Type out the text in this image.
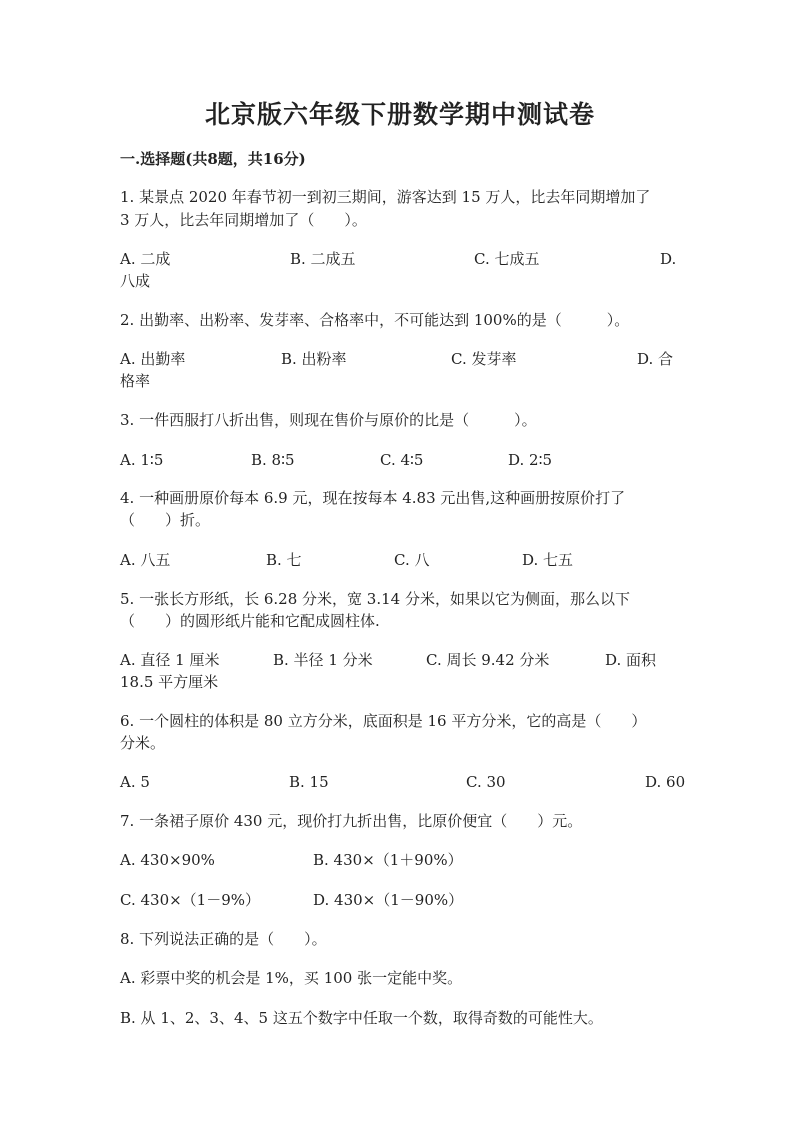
北京版六年级下册数学期中测试卷
一.选择题(共8题，共16分)
1. 某景点 2020 年春节初一到初三期间，游客达到 15 万人，比去年同期增加了
3 万人，比去年同期增加了（　　）。
A. 二成	B. 二成五	C. 七成五	D.
八成
2. 出勤率、出粉率、发芽率、合格率中，不可能达到 100%的是（　　　）。
A. 出勤率	B. 出粉率	C. 发芽率	D. 合
格率
3. 一件西服打八折出售，则现在售价与原价的比是（　　　）。
A. 1∶5	B. 8∶5	C. 4∶5	D. 2∶5
4. 一种画册原价每本 6.9 元，现在按每本 4.83 元出售,这种画册按原价打了
（　　）折。
A. 八五	B. 七	C. 八	D. 七五
5. 一张长方形纸，长 6.28 分米，宽 3.14 分米，如果以它为侧面，那么以下
（　　）的圆形纸片能和它配成圆柱体.
A. 直径 1 厘米	B. 半径 1 分米	C. 周长 9.42 分米	D. 面积
18.5 平方厘米
6. 一个圆柱的体积是 80 立方分米，底面积是 16 平方分米，它的高是（　　）
分米。
A. 5	B. 15	C. 30	D. 60
7. 一条裙子原价 430 元，现价打九折出售，比原价便宜（　　）元。
A. 430×90%	B. 430×（1＋90%）
C. 430×（1－9%）	D. 430×（1－90%）
8. 下列说法正确的是（　　）。
A. 彩票中奖的机会是 1%，买 100 张一定能中奖。
B. 从 1、2、3、4、5 这五个数字中任取一个数，取得奇数的可能性大。
